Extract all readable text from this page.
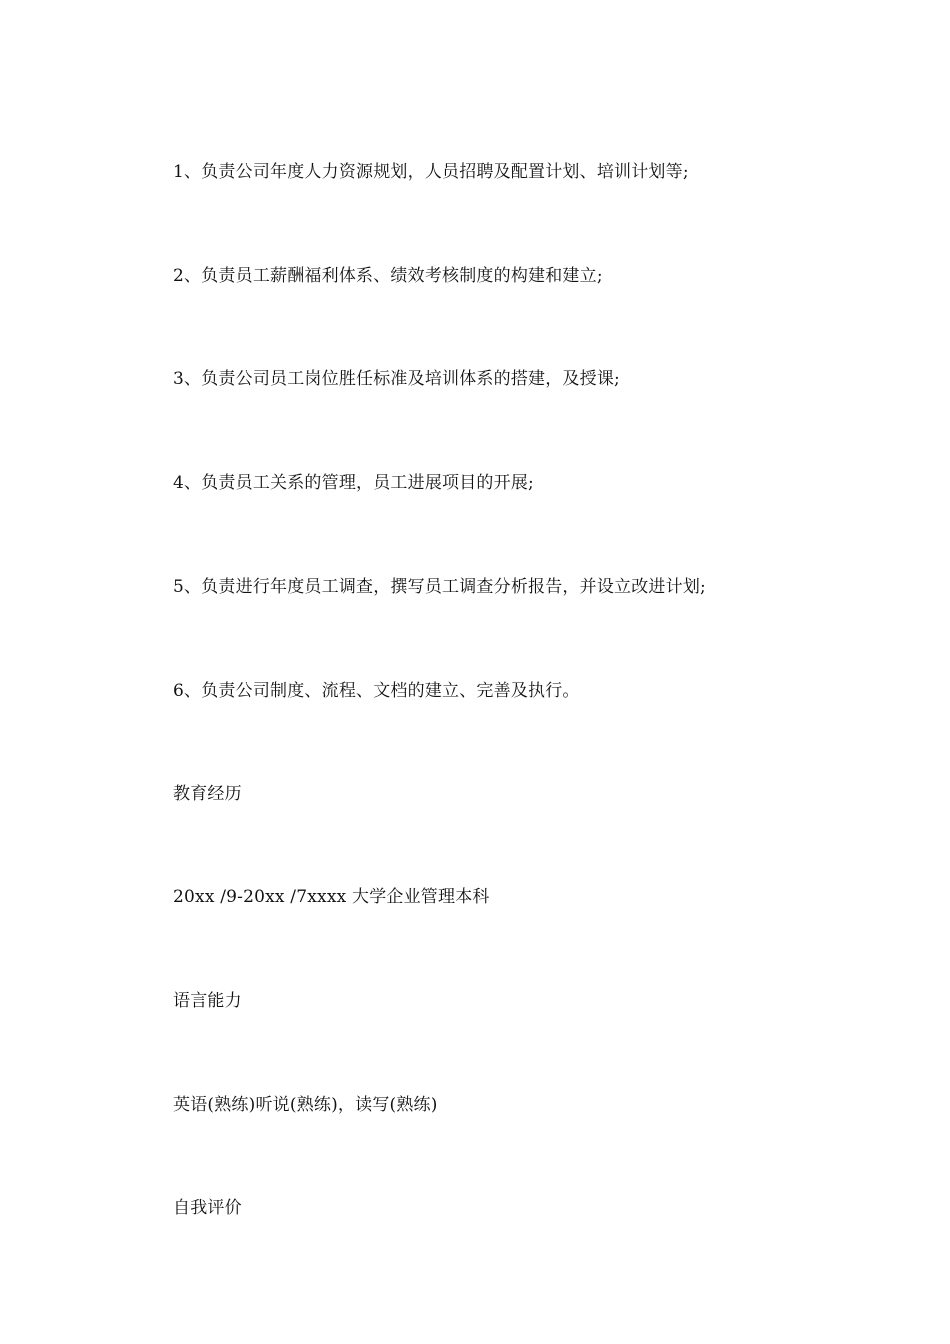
1、负责公司年度人力资源规划，人员招聘及配置计划、培训计划等;
2、负责员工薪酬福利体系、绩效考核制度的构建和建立;
3、负责公司员工岗位胜任标准及培训体系的搭建，及授课;
4、负责员工关系的管理，员工进展项目的开展;
5、负责进行年度员工调查，撰写员工调查分析报告，并设立改进计划;
6、负责公司制度、流程、文档的建立、完善及执行。
教育经历
20xx /9-20xx /7xxxx 大学企业管理本科
语言能力
英语(熟练)听说(熟练)，读写(熟练)
自我评价
